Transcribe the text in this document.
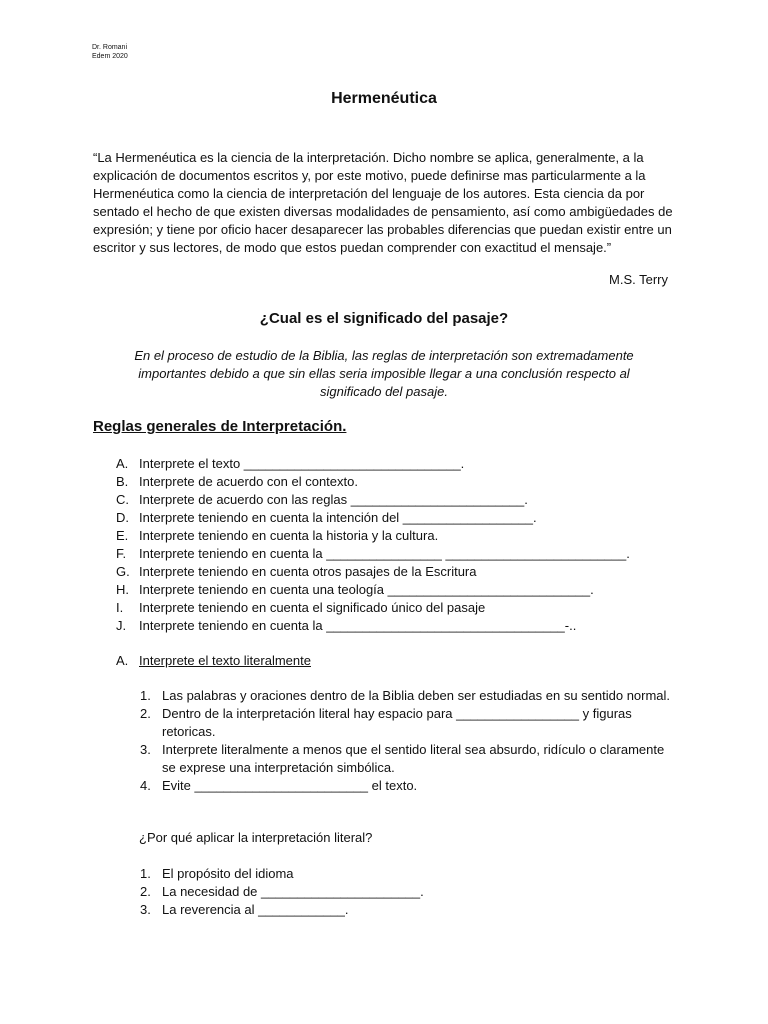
Dr. Romani
Edem 2020
Hermenéutica
“La Hermenéutica es la ciencia de la interpretación. Dicho nombre se aplica, generalmente, a la explicación de documentos escritos y, por este motivo, puede definirse mas particularmente a la Hermenéutica como la ciencia de interpretación del lenguaje de los autores. Esta ciencia da por sentado el hecho de que existen diversas modalidades de pensamiento, así como ambigüedades de expresión; y tiene por oficio hacer desaparecer las probables diferencias que puedan existir entre un escritor y sus lectores, de modo que estos puedan comprender con exactitud el mensaje.”
M.S. Terry
¿Cual es el significado del pasaje?
En el proceso de estudio de la Biblia, las reglas de interpretación son extremadamente importantes debido a que sin ellas seria imposible llegar a una conclusión respecto al significado del pasaje.
Reglas generales de Interpretación.
A. Interprete el texto ______________________________.
B. Interprete de acuerdo con el contexto.
C. Interprete de acuerdo con las reglas ________________________.
D. Interprete teniendo en cuenta la intención del __________________.
E. Interprete teniendo en cuenta la historia y la cultura.
F. Interprete teniendo en cuenta la ________________ _________________________.
G. Interprete teniendo en cuenta otros pasajes de la Escritura
H. Interprete teniendo en cuenta una teología ____________________________.
I. Interprete teniendo en cuenta el significado único del pasaje
J. Interprete teniendo en cuenta la _________________________________-..
A. Interprete el texto literalmente
1. Las palabras y oraciones dentro de la Biblia deben ser estudiadas en su sentido normal.
2. Dentro de la interpretación literal hay espacio para _________________ y figuras retoricas.
3. Interprete literalmente a menos que el sentido literal sea absurdo, ridículo o claramente se exprese una interpretación simbólica.
4. Evite ________________________ el texto.
¿Por qué aplicar la interpretación literal?
1. El propósito del idioma
2. La necesidad de ______________________.
3. La reverencia al ____________.
